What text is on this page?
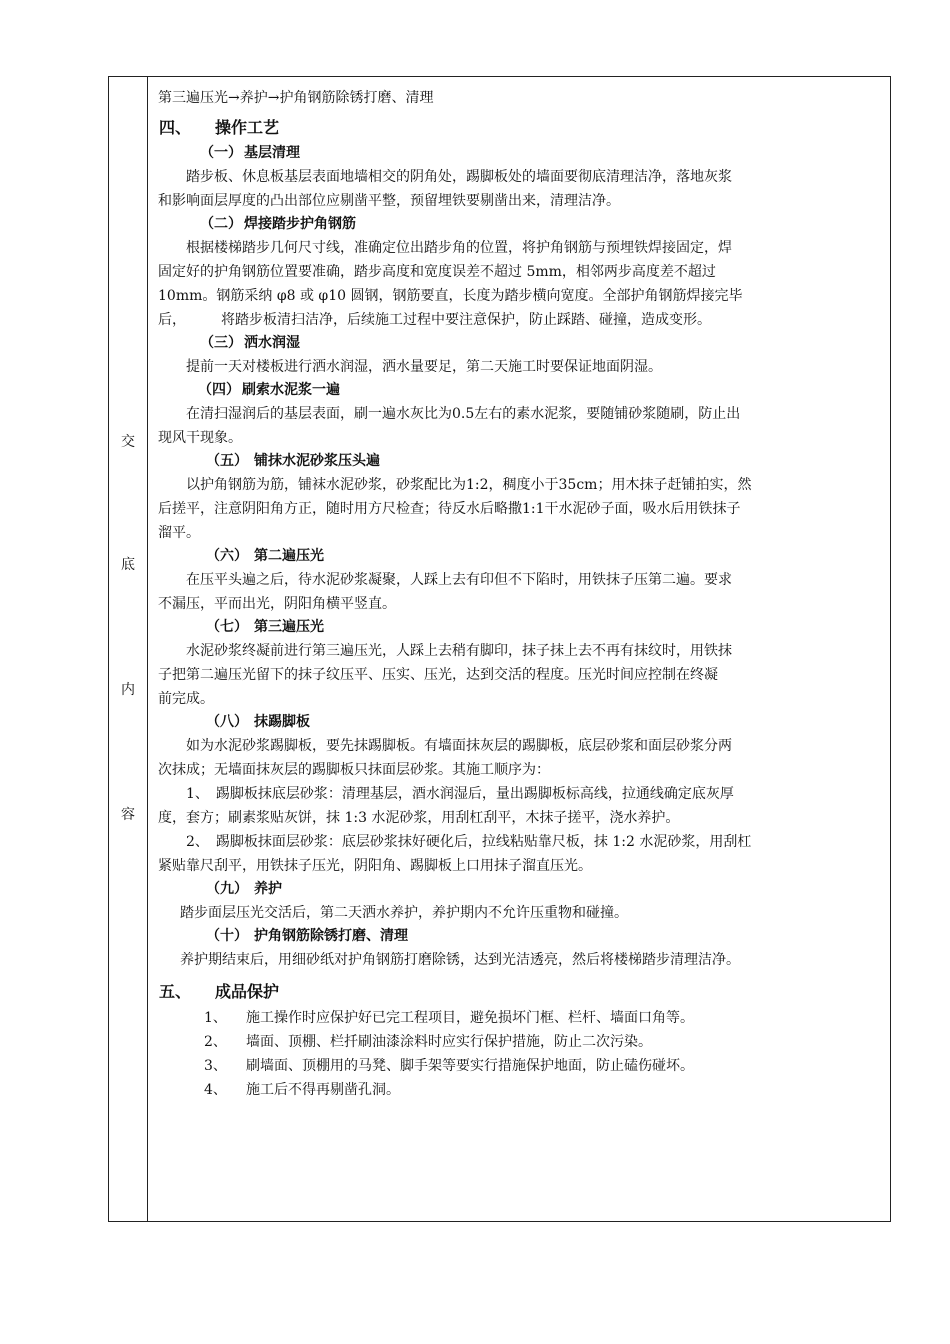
交
底
内
容
第三遍压光→养护→护角钢筋除锈打磨、清理
四、 操作工艺
（一） 基层清理
踏步板、休息板基层表面地墙相交的阴角处，踢脚板处的墙面要彻底清理洁净，落地灰浆
和影响面层厚度的凸出部位应剔凿平整，预留埋铁要剔凿出来，清理洁净。
（二） 焊接踏步护角钢筋
根据楼梯踏步几何尺寸线，准确定位出踏步角的位置，将护角钢筋与预埋铁焊接固定，焊
固定好的护角钢筋位置要准确，踏步高度和宽度误差不超过 5mm，相邻两步高度差不超过
10mm。钢筋采纳 φ8 或 φ10 圆钢，钢筋要直，长度为踏步横向宽度。全部护角钢筋焊接完毕
后，　　　将踏步板清扫洁净，后续施工过程中要注意保护，防止踩踏、碰撞，造成变形。
（三） 洒水润湿
提前一天对楼板进行洒水润湿，洒水量要足，第二天施工时要保证地面阴湿。
（四） 刷索水泥浆一遍
在清扫湿润后的基层表面，刷一遍水灰比为0.5左右的素水泥浆，要随铺砂浆随刷，防止出
现风干现象。
（五） 铺抹水泥砂浆压头遍
以护角钢筋为筋，铺袜水泥砂浆，砂浆配比为1:2，稠度小于35cm；用木抹子赶铺拍实，然
后搓平，注意阴阳角方正，随时用方尺检查；待反水后略撒1:1干水泥砂子面，吸水后用铁抹子
溜平。
（六） 第二遍压光
在压平头遍之后，待水泥砂浆凝聚，人踩上去有印但不下陷时，用铁抹子压第二遍。要求
不漏压，平而出光，阴阳角横平竖直。
（七） 第三遍压光
水泥砂浆终凝前进行第三遍压光，人踩上去稍有脚印，抹子抹上去不再有抹纹时，用铁抹
子把第二遍压光留下的抹子纹压平、压实、压光，达到交活的程度。压光时间应控制在终凝
前完成。
（八） 抹踢脚板
如为水泥砂浆踢脚板，要先抹踢脚板。有墙面抹灰层的踢脚板，底层砂浆和面层砂浆分两
次抹成；无墙面抹灰层的踢脚板只抹面层砂浆。其施工顺序为：
1、　踢脚板抹底层砂浆：清理基层，酒水润湿后，量出踢脚板标高线，拉通线确定底灰厚
度，套方；刷素浆贴灰饼，抹 1:3 水泥砂浆，用刮杠刮平，木抹子搓平，浇水养护。
2、　踢脚板抹面层砂浆：底层砂浆抹好硬化后，拉线粘贴靠尺板，抹 1:2 水泥砂浆，用刮杠
紧贴靠尺刮平，用铁抹子压光，阴阳角、踢脚板上口用抹子溜直压光。
（九） 养护
踏步面层压光交活后，第二天洒水养护，养护期内不允许压重物和碰撞。
（十） 护角钢筋除锈打磨、清理
养护期结束后，用细砂纸对护角钢筋打磨除锈，达到光洁透亮，然后将楼梯踏步清理洁净。
五、 成品保护
1、 施工操作时应保护好已完工程项目，避免损坏门框、栏杆、墙面口角等。
2、 墙面、顶棚、栏扦刷油漆涂料时应实行保护措施，防止二次污染。
3、 刷墙面、顶棚用的马凳、脚手架等要实行措施保护地面，防止磕伤碰坏。
4、 施工后不得再剔凿孔洞。
